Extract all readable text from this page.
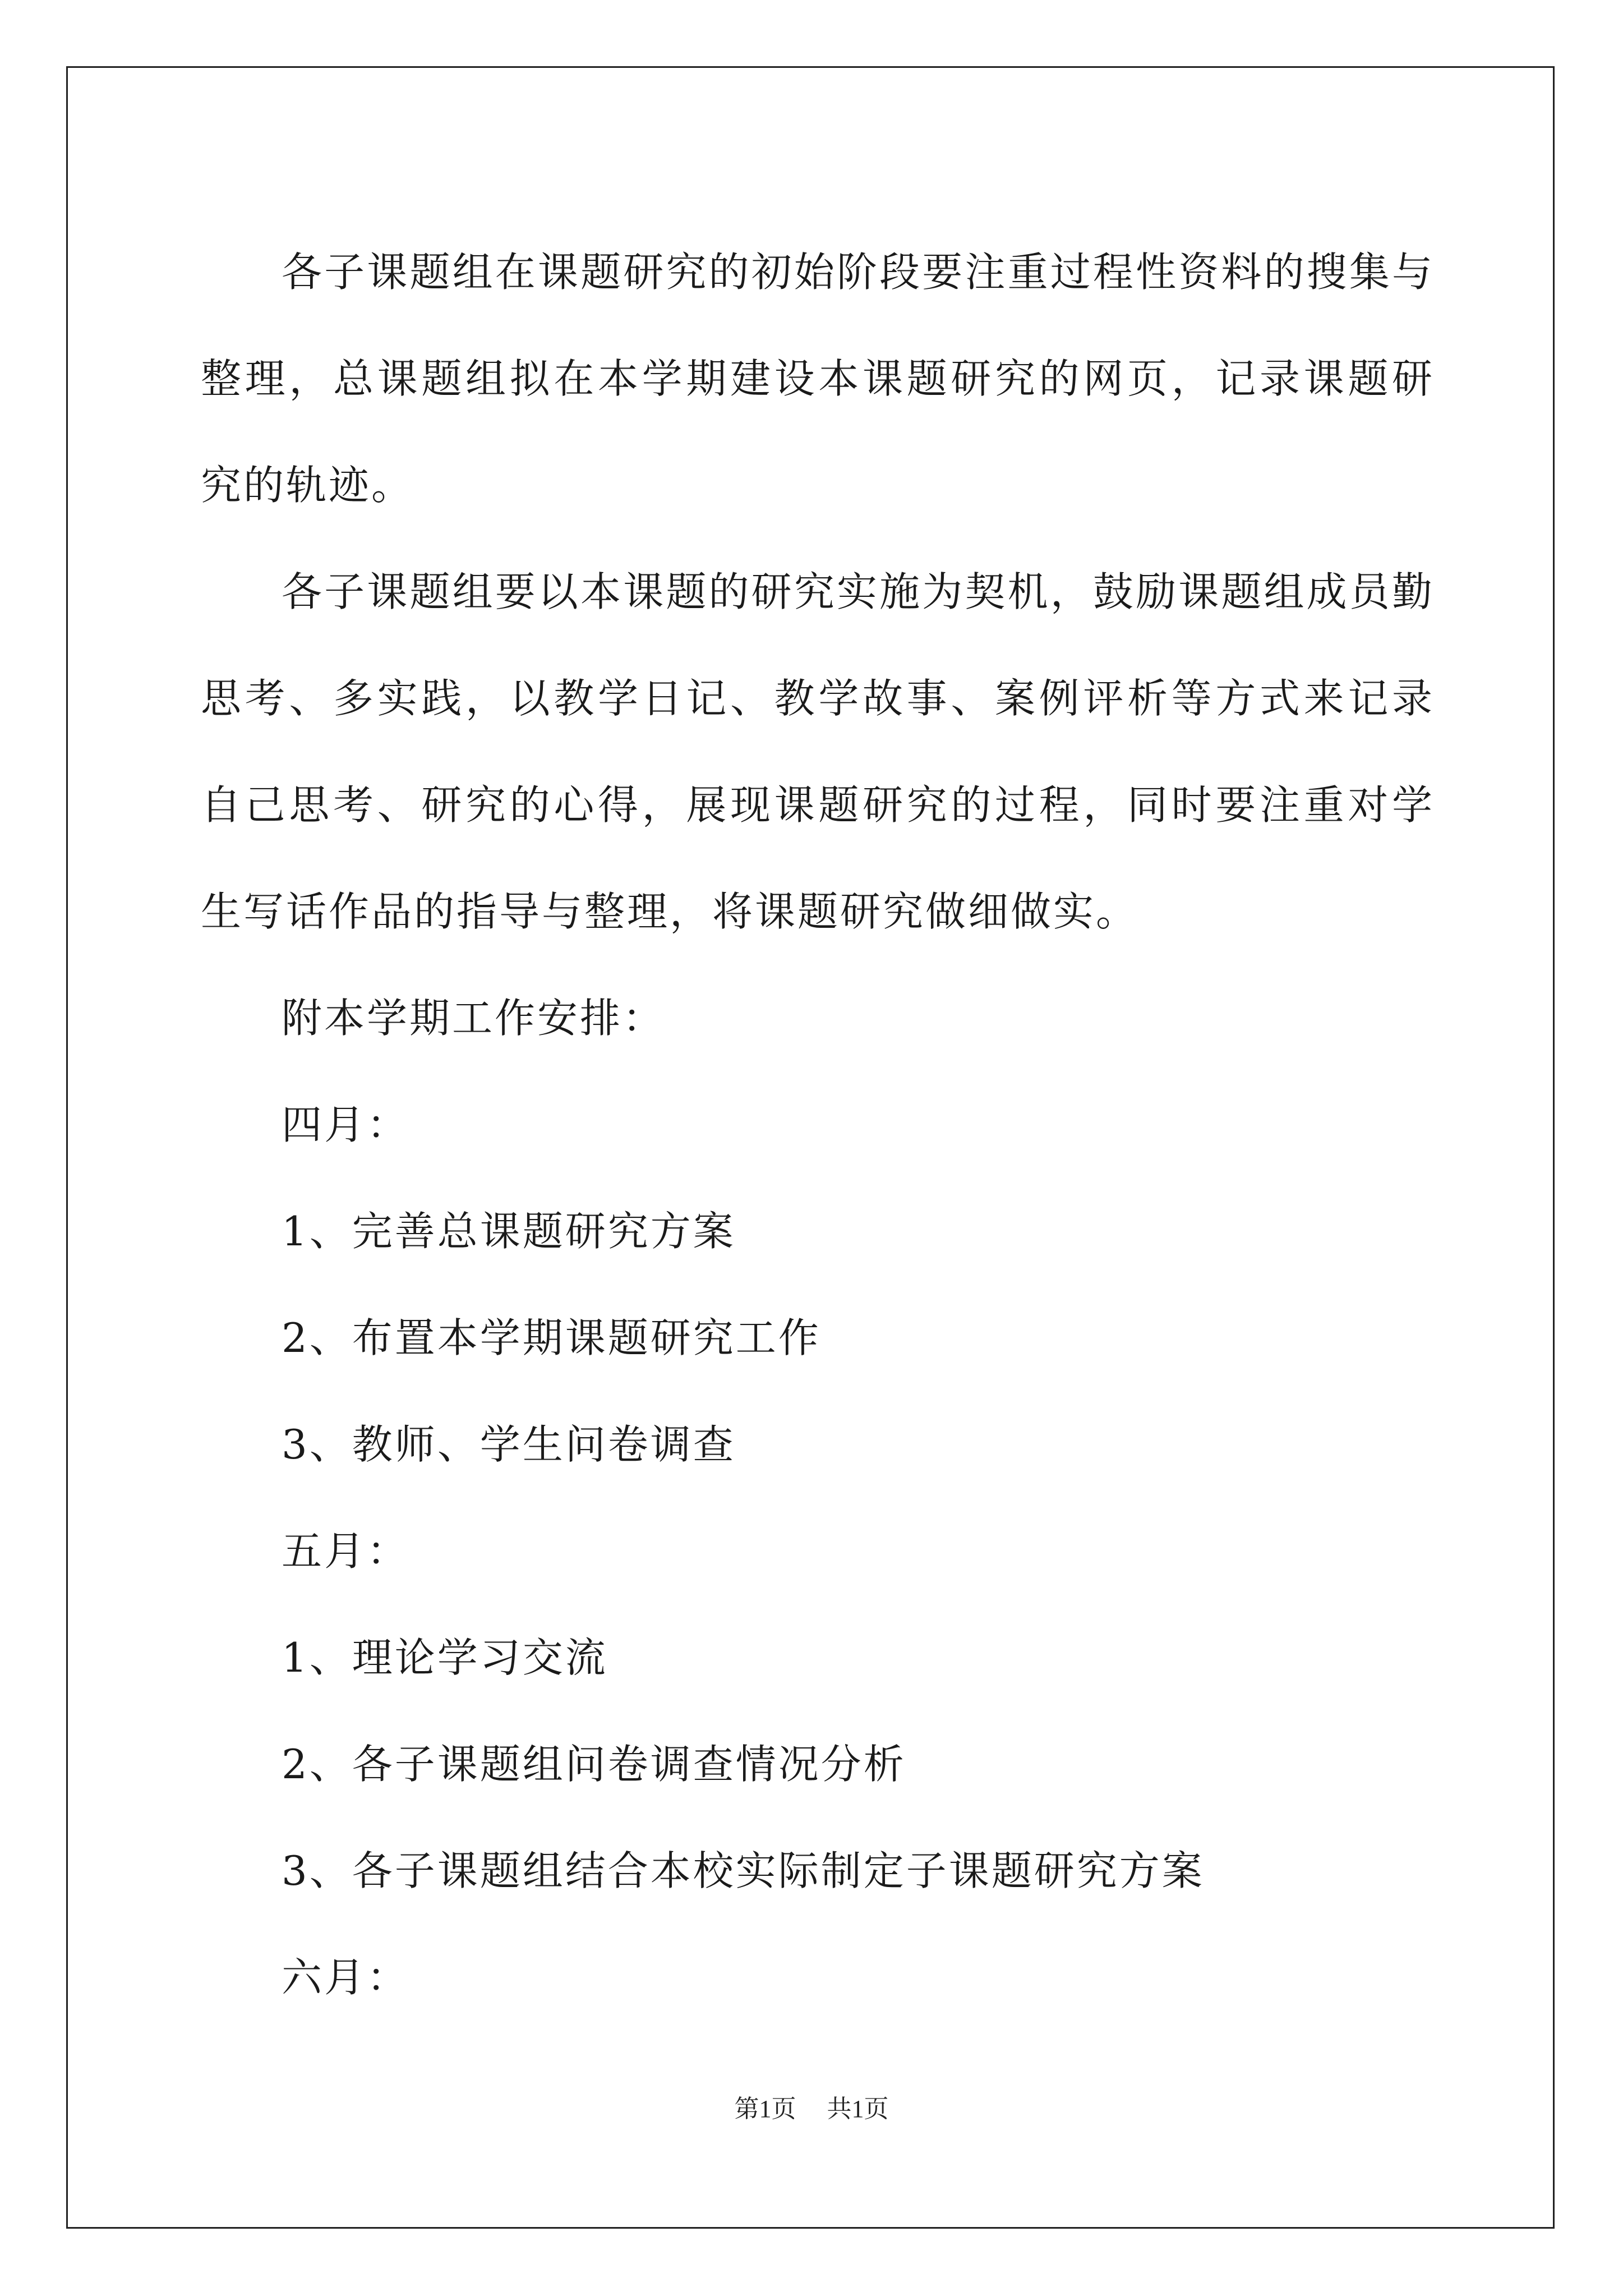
各子课题组在课题研究的初始阶段要注重过程性资料的搜集与整理，总课题组拟在本学期建设本课题研究的网页，记录课题研究的轨迹。

各子课题组要以本课题的研究实施为契机，鼓励课题组成员勤思考、多实践，以教学日记、教学故事、案例评析等方式来记录自己思考、研究的心得，展现课题研究的过程，同时要注重对学生写话作品的指导与整理，将课题研究做细做实。

附本学期工作安排：

四月：

1、完善总课题研究方案

2、布置本学期课题研究工作

3、教师、学生问卷调查

五月：

1、理论学习交流

2、各子课题组问卷调查情况分析

3、各子课题组结合本校实际制定子课题研究方案

六月：

第1页 共1页
